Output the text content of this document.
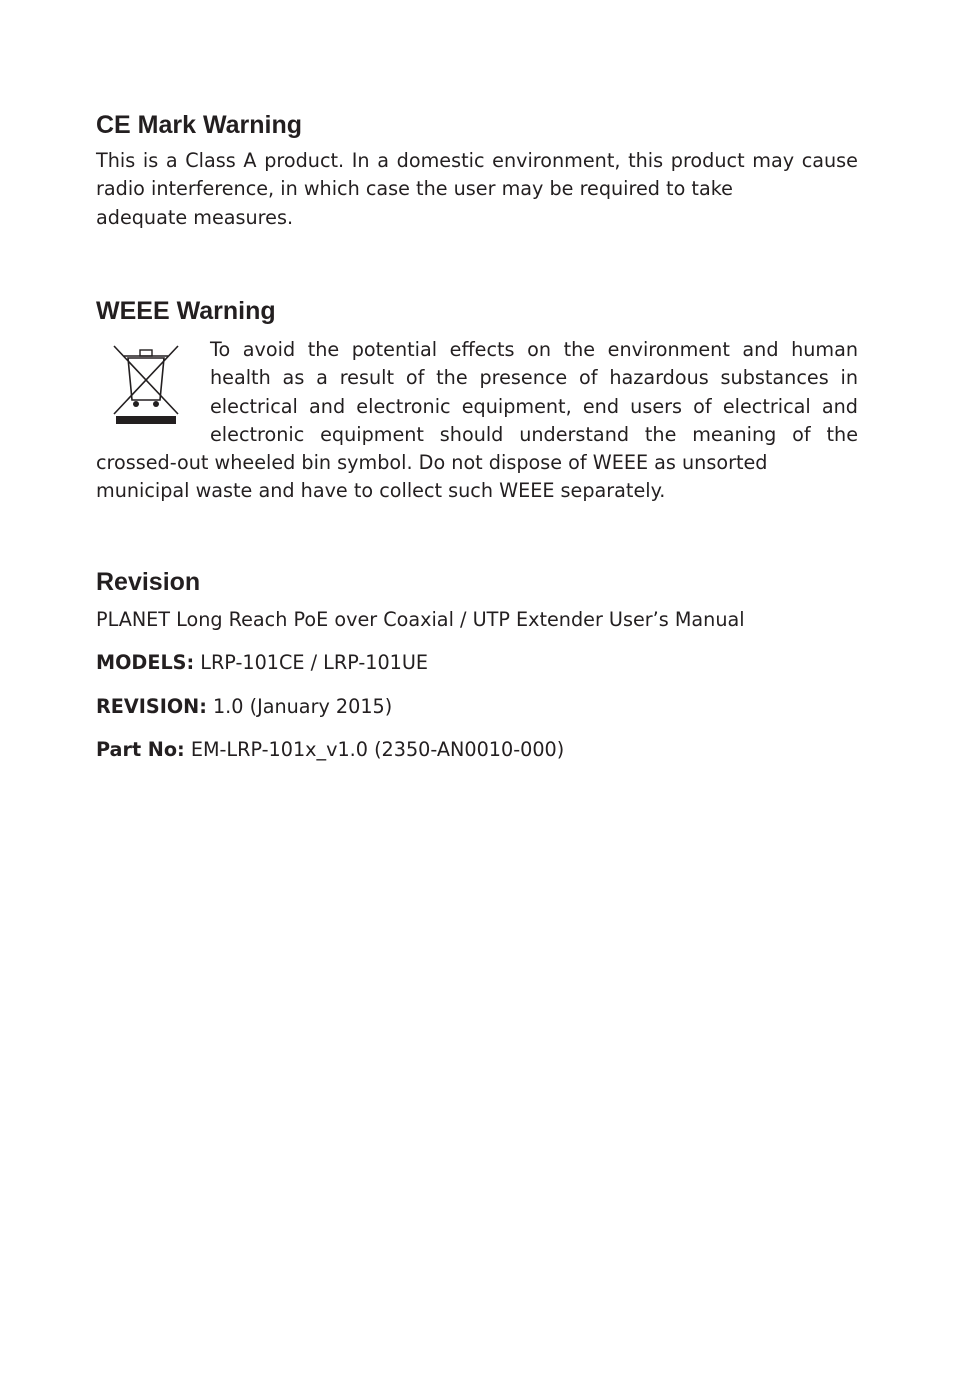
CE Mark Warning

This is a Class A product. In a domestic environment, this product may cause radio interference, in which case the user may be required to take
adequate measures.

WEEE Warning

To avoid the potential effects on the environment and human health as a result of the presence of hazardous substances in electrical and electronic equipment, end users of electrical and electronic equipment should understand the meaning of the crossed-out wheeled bin symbol. Do not dispose of WEEE as unsorted
municipal waste and have to collect such WEEE separately.

Revision

PLANET Long Reach PoE over Coaxial / UTP Extender User’s Manual

MODELS: LRP-101CE / LRP-101UE

REVISION: 1.0 (January 2015)

Part No: EM-LRP-101x_v1.0 (2350-AN0010-000)
